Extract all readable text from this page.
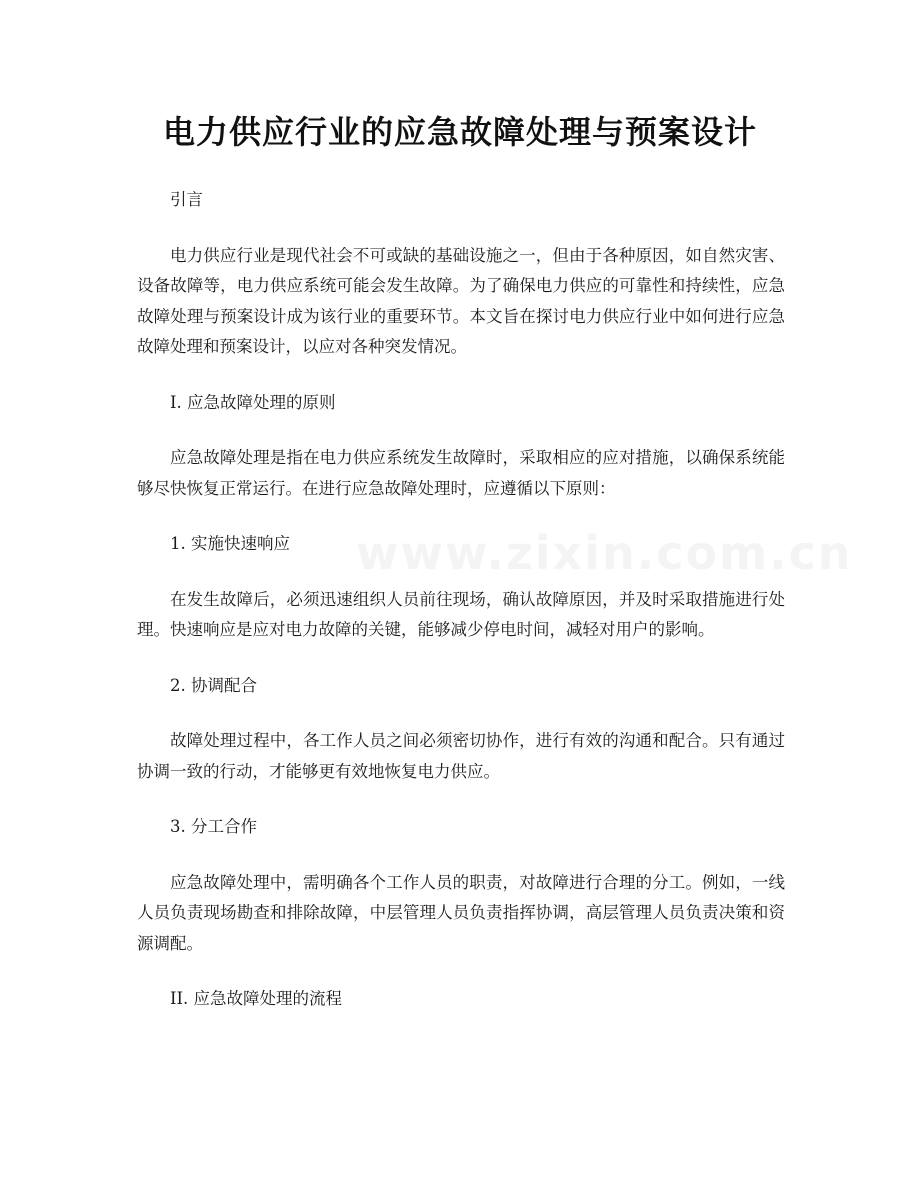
电力供应行业的应急故障处理与预案设计

引言

电力供应行业是现代社会不可或缺的基础设施之一，但由于各种原因，如自然灾害、设备故障等，电力供应系统可能会发生故障。为了确保电力供应的可靠性和持续性，应急故障处理与预案设计成为该行业的重要环节。本文旨在探讨电力供应行业中如何进行应急故障处理和预案设计，以应对各种突发情况。

I. 应急故障处理的原则

应急故障处理是指在电力供应系统发生故障时，采取相应的应对措施，以确保系统能够尽快恢复正常运行。在进行应急故障处理时，应遵循以下原则：

1. 实施快速响应

在发生故障后，必须迅速组织人员前往现场，确认故障原因，并及时采取措施进行处理。快速响应是应对电力故障的关键，能够减少停电时间，减轻对用户的影响。

2. 协调配合

故障处理过程中，各工作人员之间必须密切协作，进行有效的沟通和配合。只有通过协调一致的行动，才能够更有效地恢复电力供应。

3. 分工合作

应急故障处理中，需明确各个工作人员的职责，对故障进行合理的分工。例如，一线人员负责现场勘查和排除故障，中层管理人员负责指挥协调，高层管理人员负责决策和资源调配。

II. 应急故障处理的流程
